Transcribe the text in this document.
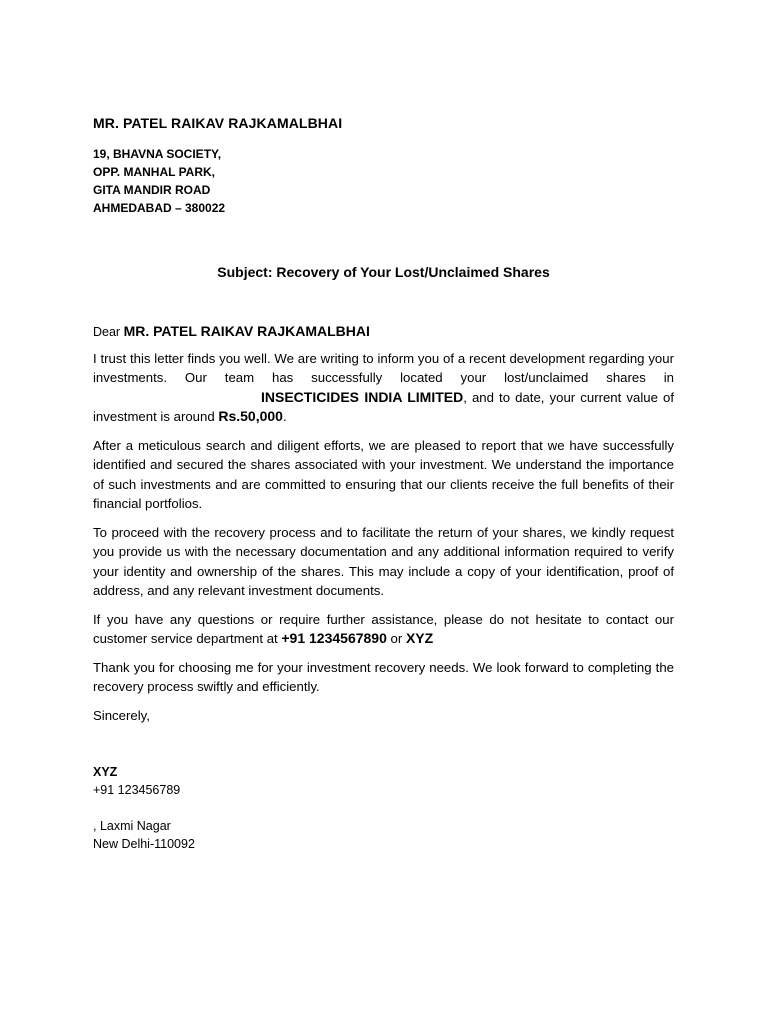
MR. PATEL RAIKAV RAJKAMALBHAI
19, BHAVNA SOCIETY,
OPP. MANHAL PARK,
GITA MANDIR ROAD
AHMEDABAD – 380022
Subject: Recovery of Your Lost/Unclaimed Shares

Dear MR. PATEL RAIKAV RAJKAMALBHAI

I trust this letter finds you well. We are writing to inform you of a recent development regarding your investments. Our team has successfully located your lost/unclaimed shares in INSECTICIDES INDIA LIMITED, and to date, your current value of investment is around Rs.50,000.

After a meticulous search and diligent efforts, we are pleased to report that we have successfully identified and secured the shares associated with your investment. We understand the importance of such investments and are committed to ensuring that our clients receive the full benefits of their financial portfolios.

To proceed with the recovery process and to facilitate the return of your shares, we kindly request you provide us with the necessary documentation and any additional information required to verify your identity and ownership of the shares. This may include a copy of your identification, proof of address, and any relevant investment documents.

If you have any questions or require further assistance, please do not hesitate to contact our customer service department at +91 1234567890 or XYZ

Thank you for choosing me for your investment recovery needs. We look forward to completing the recovery process swiftly and efficiently.

Sincerely,

XYZ
+91 123456789
, Laxmi Nagar
New Delhi-110092
